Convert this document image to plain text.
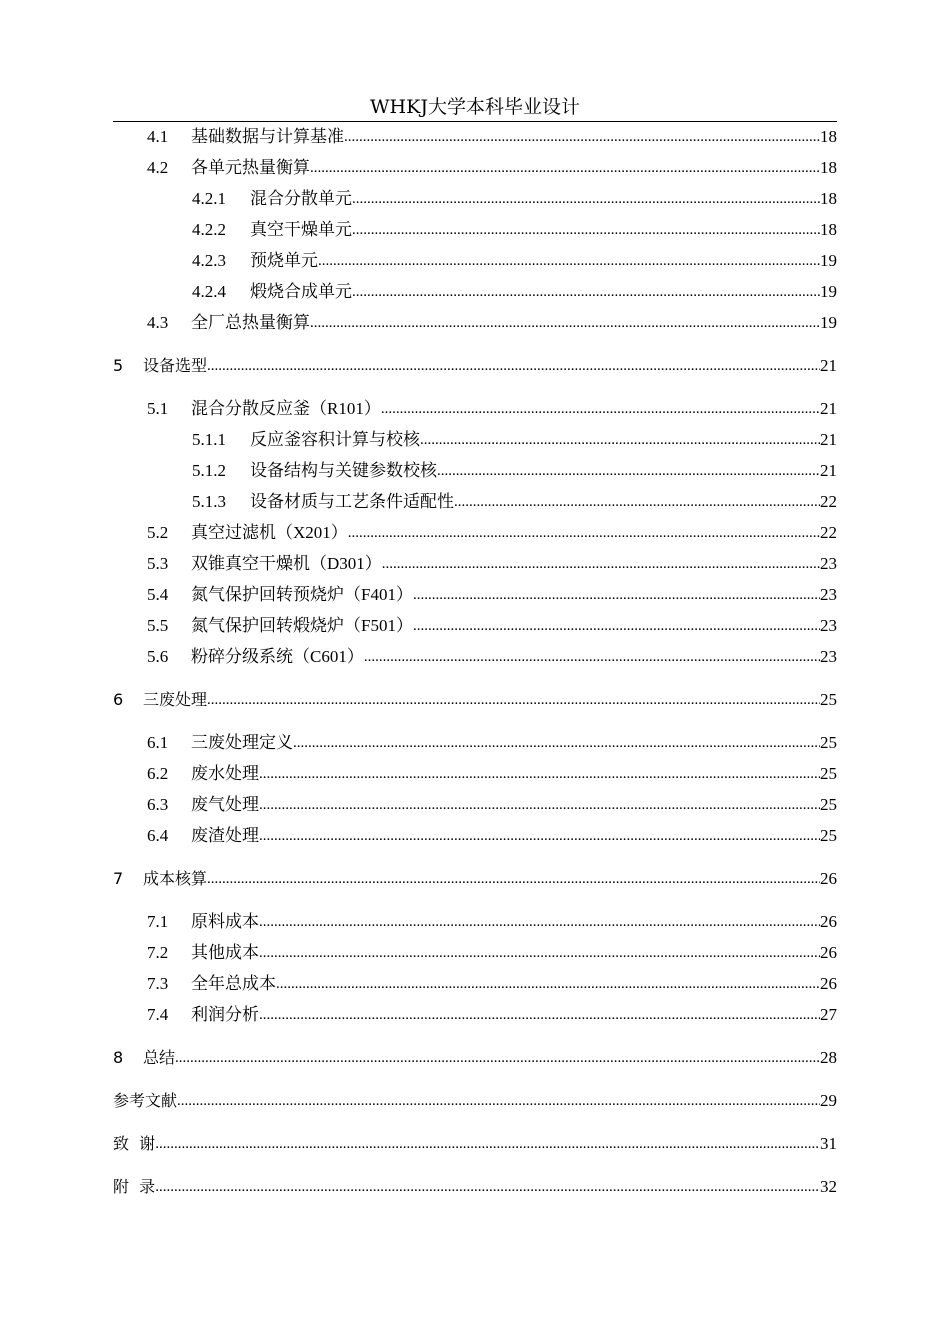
WHKJ大学本科毕业设计
4.1	基础数据与计算基准 .....	18
4.2	各单元热量衡算 .....	18
4.2.1	混合分散单元 .....	18
4.2.2	真空干燥单元 .....	18
4.2.3	预烧单元 .....	19
4.2.4	煅烧合成单元 .....	19
4.3	全厂总热量衡算 .....	19
5	设备选型 .....	21
5.1	混合分散反应釜（R101） .....	21
5.1.1	反应釜容积计算与校核 .....	21
5.1.2	设备结构与关键参数校核 .....	21
5.1.3	设备材质与工艺条件适配性 .....	22
5.2	真空过滤机（X201） .....	22
5.3	双锥真空干燥机（D301） .....	23
5.4	氮气保护回转预烧炉（F401） .....	23
5.5	氮气保护回转煅烧炉（F501） .....	23
5.6	粉碎分级系统（C601） .....	23
6	三废处理 .....	25
6.1	三废处理定义 .....	25
6.2	废水处理 .....	25
6.3	废气处理 .....	25
6.4	废渣处理 .....	25
7	成本核算 .....	26
7.1	原料成本 .....	26
7.2	其他成本 .....	26
7.3	全年总成本 .....	26
7.4	利润分析 .....	27
8	总结 .....	28
参考文献 .....	29
致  谢 .....	31
附  录 .....	32
